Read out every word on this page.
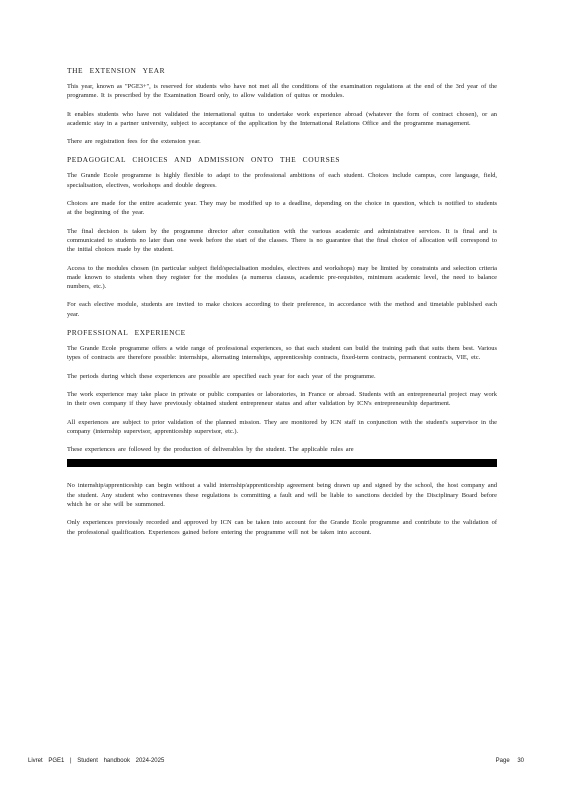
THE EXTENSION YEAR

This year, known as "PGE3+", is reserved for students who have not met all the conditions of the examination regulations at the end of the 3rd year of the programme. It is prescribed by the Examination Board only, to allow validation of quitus or modules.

It enables students who have not validated the international quitus to undertake work experience abroad (whatever the form of contract chosen), or an academic stay in a partner university, subject to acceptance of the application by the International Relations Office and the programme management.

There are registration fees for the extension year.

PEDAGOGICAL CHOICES AND ADMISSION ONTO THE COURSES

The Grande Ecole programme is highly flexible to adapt to the professional ambitions of each student. Choices include campus, core language, field, specialisation, electives, workshops and double degrees.

Choices are made for the entire academic year. They may be modified up to a deadline, depending on the choice in question, which is notified to students at the beginning of the year.

The final decision is taken by the programme director after consultation with the various academic and administrative services. It is final and is communicated to students no later than one week before the start of the classes. There is no guarantee that the final choice of allocation will correspond to the initial choices made by the student.

Access to the modules chosen (in particular subject field/specialisation modules, electives and workshops) may be limited by constraints and selection criteria made known to students when they register for the modules (a numerus clausus, academic pre-requisites, minimum academic level, the need to balance numbers, etc.).

For each elective module, students are invited to make choices according to their preference, in accordance with the method and timetable published each year.

PROFESSIONAL EXPERIENCE

The Grande Ecole programme offers a wide range of professional experiences, so that each student can build the training path that suits them best. Various types of contracts are therefore possible: internships, alternating internships, apprenticeship contracts, fixed-term contracts, permanent contracts, VIE, etc.

The periods during which these experiences are possible are specified each year for each year of the programme.

The work experience may take place in private or public companies or laboratories, in France or abroad. Students with an entrepreneurial project may work in their own company if they have previously obtained student entrepreneur status and after validation by ICN's entrepreneurship department.

All experiences are subject to prior validation of the planned mission. They are monitored by ICN staff in conjunction with the student's supervisor in the company (internship supervisor, apprenticeship supervisor, etc.).

These experiences are followed by the production of deliverables by the student. The applicable rules are

No internship/apprenticeship can begin without a valid internship/apprenticeship agreement being drawn up and signed by the school, the host company and the student. Any student who contravenes these regulations is committing a fault and will be liable to sanctions decided by the Disciplinary Board before which he or she will be summoned.

Only experiences previously recorded and approved by ICN can be taken into account for the Grande Ecole programme and contribute to the validation of the professional qualification. Experiences gained before entering the programme will not be taken into account.

Livret PGE1 | Student handbook 2024-2025	Page 30
